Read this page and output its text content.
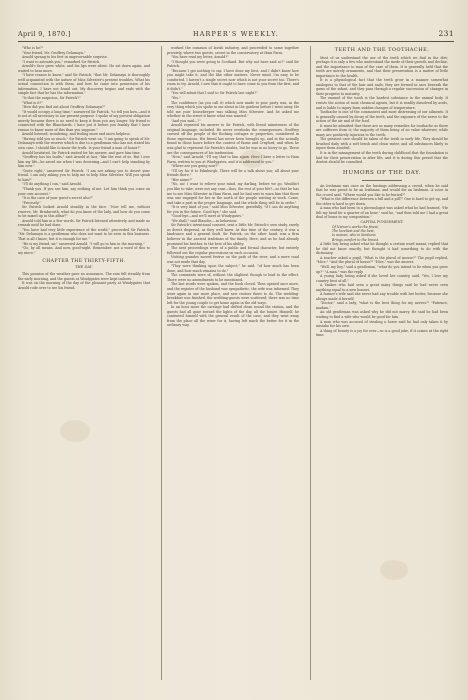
April 9, 1870.]	HARPER'S WEEKLY.	231

"Who is he?"

"Your friend, Mr. Geoffrey Delamayn."

Arnold sprang to his feet in ungovernable surprise.

"I want to astonish you," remarked Sir Patrick.

Arnold's face grew white, and his lips were silent. He sat down again, and waited to hear more.

"I have reason to know," said Sir Patrick, "that Mr. Delamayn is thoroughly well acquainted with the nature of Miss Silvester's present troubles. What his actual connection is with them, and how he came into possession of his information, I have not found out. My discovery begins and ends with the simple fact that he has the information."

"Is that the suspicion, Sir Patrick?"

"What is it?"

"How did you find out about Geoffrey Delamayn?"

"It would occupy a long time," answered Sir Patrick, "to tell you how—and it is not at all necessary to our present purpose. I spoke of my present obligation merely because there is no need to keep it from you any longer. My friend is connected with the Blanchards. I have put it before you frankly that I have reason to know more of this than you suppose."

Arnold listened, wondering, and feeling more and more helpless.

"Having told you so much," Sir Patrick went on, "I am going to speak of Mr. Delamayn with the reserve which is due to a gentleman who has not stated his own case. I should like to know the truth. Is your friend a man of honor?"

Arnold hesitated. Sir Patrick waited for his answer, and gave him time.

"Geoffrey has his faults," said Arnold at last, "like the rest of us. But I owe him my life—he saved me when I was drowning—and I can't help standing by him now."

"Quite right," answered Sir Patrick. "I am not asking you to desert your friend. I am only asking you to help me to help Miss Silvester. Will you speak to him?"

"I'll do anything I can," said Arnold.

"Thank you. If you see him, say nothing of me. Let him think you come on your own account."

"It is the case of your guest's secret also?"

"Precisely."

Sir Patrick looked Arnold steadily in the face. "Now tell me, without reserve, Mr. Brinkworth, what do you know of the lady, and how do you come to be mixed up in this affair?"

Arnold told him in a few words. Sir Patrick listened attentively, and made no remark until he had done.

"You have had very little experience of the world," proceeded Sir Patrick. "Mr. Delamayn is a gentleman who does not want to be seen in this business. That is all I know; but it is enough for me."

"He is my friend, sir," answered Arnold. "I will go to him in the morning."

"Go, by all means. And now, good-night. Remember: not a word of this to my niece."

CHAPTER THE THIRTY-FIFTH.
THE DAY.

This promise of the weather gave no assurance. The rain fell steadily from the early morning, and the guests at Windygates were kept indoors.

It was on the morning of the day of the pleasant party at Windygates that Arnold rode over to see his friend.

worked the common of lavish industry, and proceeded to some together privately, where two guests, secret in the conservatory at Ham Farm.

"You have read my letter, Arnold?"

"I thought you were going to Scotland. But why not have said so?" said Sir Patrick.

"Because I got nothing to say. I have done my best, and I didn't know how you might take it, and the like other matters. Never mind. I'm easy to be comforted. I haven't a single secret now which is not your secret too. There's room to try. Arnold, I saw that it ought to have come to you from the first, and it didn't."

"You will admit that I said to Sir Patrick last night?"

"Yes."

The confidence (as you call it) which now made to your party was, in the very thing which you spoke to me about in the gardens before I went away. He told me your housekeeper was talking Miss Silvester. And he asked me whether in the street it knew what was wanted."

"And you said—?"

Arnold repeated his answer to Sir Patrick, with literal minuteness of the original language, included. He never overlooks the consequences. Geoffrey carried off the people of the flocking cottages or properties, considered in those expressions. His friend has never been brought up, and in the actually found in those hours before the contest of Rome and Crayford; and when he was glad to represent Sir Patrick's doubts, but he was in no hurry to go. These are the consequences of his inattention.

"Now," said Arnold, "I'll say that to him again. Here I have a letter to Ham Farm, written to you at Windygates, and it is addressed to you."

"Where are you going now?"

"I'll try for it to Edinburgh. There will be a talk about you; all about your friends there."

"Her name?"

"No, no! I want to relieve your mind, my darling, before we go. Wouldn't you like to take, were not any case—thus, the rest of your life?—so that he has me to see Miss Silvester in Ham Farm, and he had sent to warn him that there was one engaged for her in the north of the people waiting at work. Come, and take a part in the proper language, and the whole thing will be in order."

"It is very kind of you," said Miss Silvester, gratefully, "if I can do anything for you in the future. Good-bye," she said.

"Good-bye—and we'll meet at Windygates."

"We shall," said Blanche,—in behaviour.

Sir Patrick's intentional consent, sent a little Mr. Patrick's own study, rarely as direct dispersal, as they well knew. At this time of the century, it was a hindrance and a general fault. Sir Patrick, on the other hand, was a firm believer in the ancient traditions of the family. Here, and as he had already promised his brother, to the best of his ability.

The next proceedings were of a public and formal character, but entirely followed out the regular processions on each occasion.

Visiting grandes moved festive on the path of the river, and a mere road was not made that day.

"They were thinking upon the subject," he said, "of how much has been done, and how much remains to do."

The comments were of, without the slightest though to lead to the effect. There were no amendments to be mentioned.

The last words were spoken, and the book closed. Then opened once more, and the register of the husband was sympathetic, the wife was informed. They were again in one more place, and saw visitors there to do. The wedding-breakfast was finished, the wedding-guests were scattered; there was no time left for the young couple to get home again in the old ways.

In an hour more the carriage had drifted clean round the station, and the guests had all gone toward the lights of the day, all the busier. Himself, he contented himself with the general result of the case; and they went away from the place all the wiser for it, having left much the better for it in the ordinary way.

TEETH AND THE TOOTHACHE.

Most of us understand the use of the teeth which we find in the diet; perhaps it is only a few who understand the mode of their growth and decline, and the importance to man of the care of them. It is generally held that the teeth are merely ornaments, and that their preservation is a matter of little importance to the health.

It is a physiological fact that the teeth grow in a manner somewhat analogous to that of the hair and nails; they are formed in sacs beneath the gums of the infant, and they pass through a regular succession of changes in their progress to maturity.

The enamel of the tooth is the hardest substance in the animal body. It resists the action of most chemical agents, but it is readily dissolved by acids, and is liable to injury from sudden changes of temperature.

Toothache is one of the commonest and most distressing of our ailments. It is generally caused by decay of the teeth, and the exposure of the nerve to the action of the air and of the food.

It must be admitted that there are as many remedies for toothache as there are sufferers from it; the majority of them being of no value whatever, while many are positively injurious to the teeth.

The greatest care should be taken of the teeth in early life. They should be brushed daily with a soft brush and clean water, and all substances likely to injure them avoided.

It is in the management of the teeth during childhood that the foundation is laid for their preservation in after life, and it is during this period that the dentist should be consulted.

HUMORS OF THE DAY.

An Irishman was once on the hustings addressing a crowd, when he said that he was proud to be an Irishman, and would die an Irishman. A voice in the crowd said, "Where would you like to be buried?"

"What is the difference between a hill and a pill?" One is hard to get up, and the other is hard to get down.

A man who had been to a phrenologist was asked what he had learned. "He felt my head for a quarter of an hour," said he, "and then told me I had a great deal of brass in my composition."

CAPITAL PUNISHMENT.

Of Nature's works the finest,

The loveliest and the best,

Is woman, who in kindness

Brings comfort to the breast.

A little boy being asked what he thought a certain word meant, replied that he did not know exactly, but thought it had something to do with the dictionary.

A teacher asked a pupil, "What is the plural of mouse?" The pupil replied, "Mice." "And the plural of house?" "Hice," was the answer.

"Well, my boy," said a gentleman, "what do you intend to be when you grow up?" "A man," was the reply.

A young lady, being asked if she loved her country, said, "Yes, I love my country best of all."

A Yankee who had seen a great many things said he had never seen anything equal to a new bonnet.

A farmer's wife said she never had any trouble with her butter, because she always made it herself.

"Doctor," said a lady, "what is the best thing for my nerves?" "Patience, madam."

An old gentleman was asked why he did not marry. He said he had been waiting to find a wife who would be good for him.

A man who was accused of stealing a horse said he had only taken it by mistake for his own.

A thing of beauty is a joy for ever—so is a good joke, if it comes at the right time.
